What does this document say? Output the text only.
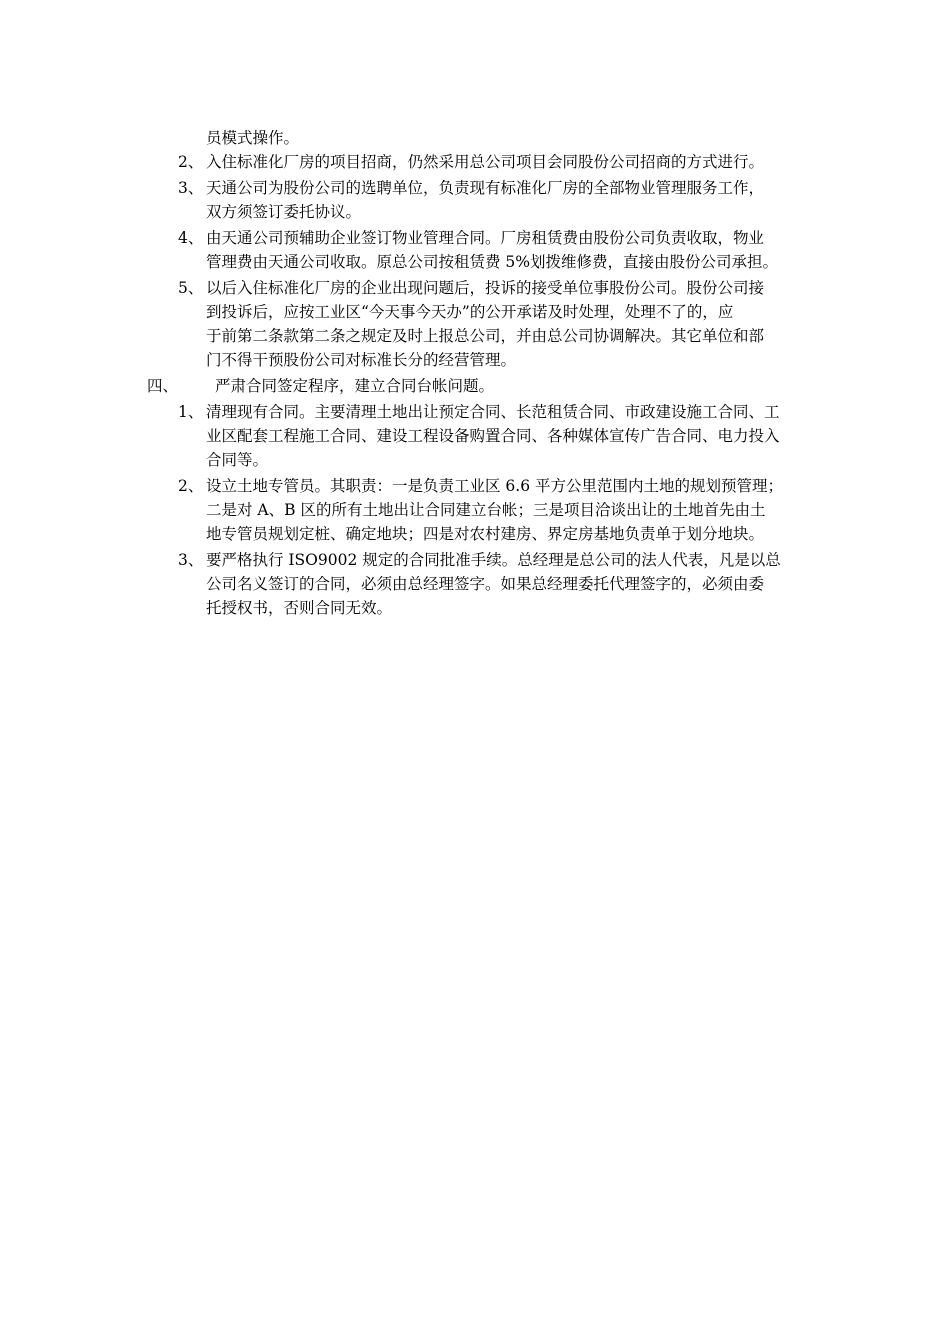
员模式操作。
2、 入住标准化厂房的项目招商，仍然采用总公司项目会同股份公司招商的方式进行。
3、 天通公司为股份公司的选聘单位，负责现有标准化厂房的全部物业管理服务工作，
双方须签订委托协议。
4、 由天通公司预辅助企业签订物业管理合同。厂房租赁费由股份公司负责收取，物业
管理费由天通公司收取。原总公司按租赁费 5%划拨维修费，直接由股份公司承担。
5、 以后入住标准化厂房的企业出现问题后，投诉的接受单位事股份公司。股份公司接
到投诉后，应按工业区“今天事今天办”的公开承诺及时处理，处理不了的，应
于前第二条款第二条之规定及时上报总公司，并由总公司协调解决。其它单位和部
门不得干预股份公司对标准长分的经营管理。
四、 严肃合同签定程序，建立合同台帐问题。
1、 清理现有合同。主要清理土地出让预定合同、长范租赁合同、市政建设施工合同、工
业区配套工程施工合同、建设工程设备购置合同、各种媒体宣传广告合同、电力投入
合同等。
2、 设立土地专管员。其职责：一是负责工业区 6.6 平方公里范围内土地的规划预管理；
二是对 A、B 区的所有土地出让合同建立台帐；三是项目洽谈出让的土地首先由土
地专管员规划定桩、确定地块；四是对农村建房、界定房基地负责单于划分地块。
3、 要严格执行 ISO9002 规定的合同批准手续。总经理是总公司的法人代表，凡是以总
公司名义签订的合同，必须由总经理签字。如果总经理委托代理签字的，必须由委
托授权书，否则合同无效。
